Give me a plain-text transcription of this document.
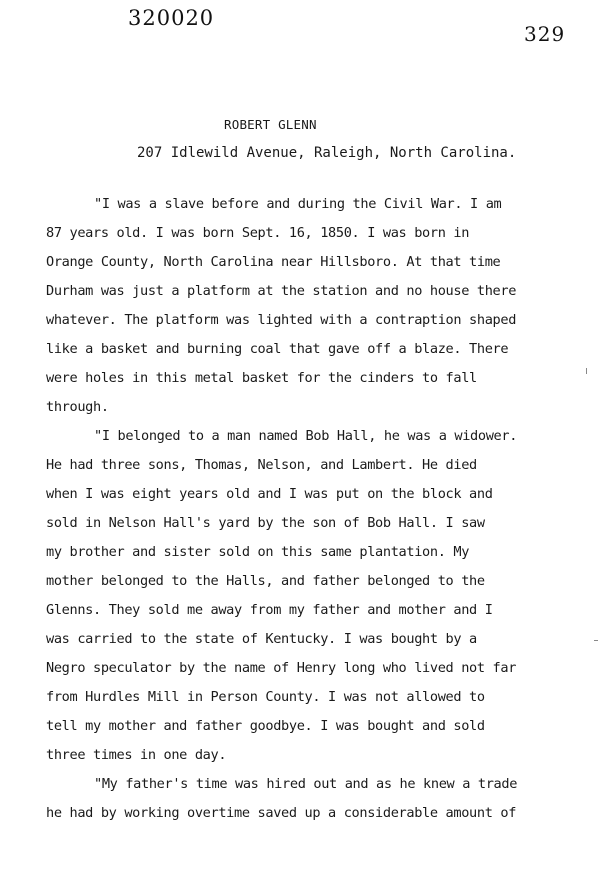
320020
329
ROBERT GLENN
207 Idlewild Avenue, Raleigh, North Carolina.
"I was a slave before and during the Civil War. I am
87 years old. I was born Sept. 16, 1850. I was born in
Orange County, North Carolina near Hillsboro. At that time
Durham was just a platform at the station and no house there
whatever. The platform was lighted with a contraption shaped
like a basket and burning coal that gave off a blaze. There
were holes in this metal basket for the cinders to fall
through.
"I belonged to a man named Bob Hall, he was a widower.
He had three sons, Thomas, Nelson, and Lambert. He died
when I was eight years old and I was put on the block and
sold in Nelson Hall's yard by the son of Bob Hall. I saw
my brother and sister sold on this same plantation. My
mother belonged to the Halls, and father belonged to the
Glenns. They sold me away from my father and mother and I
was carried to the state of Kentucky. I was bought by a
Negro speculator by the name of Henry long who lived not far
from Hurdles Mill in Person County. I was not allowed to
tell my mother and father goodbye. I was bought and sold
three times in one day.
"My father's time was hired out and as he knew a trade
he had by working overtime saved up a considerable amount of
